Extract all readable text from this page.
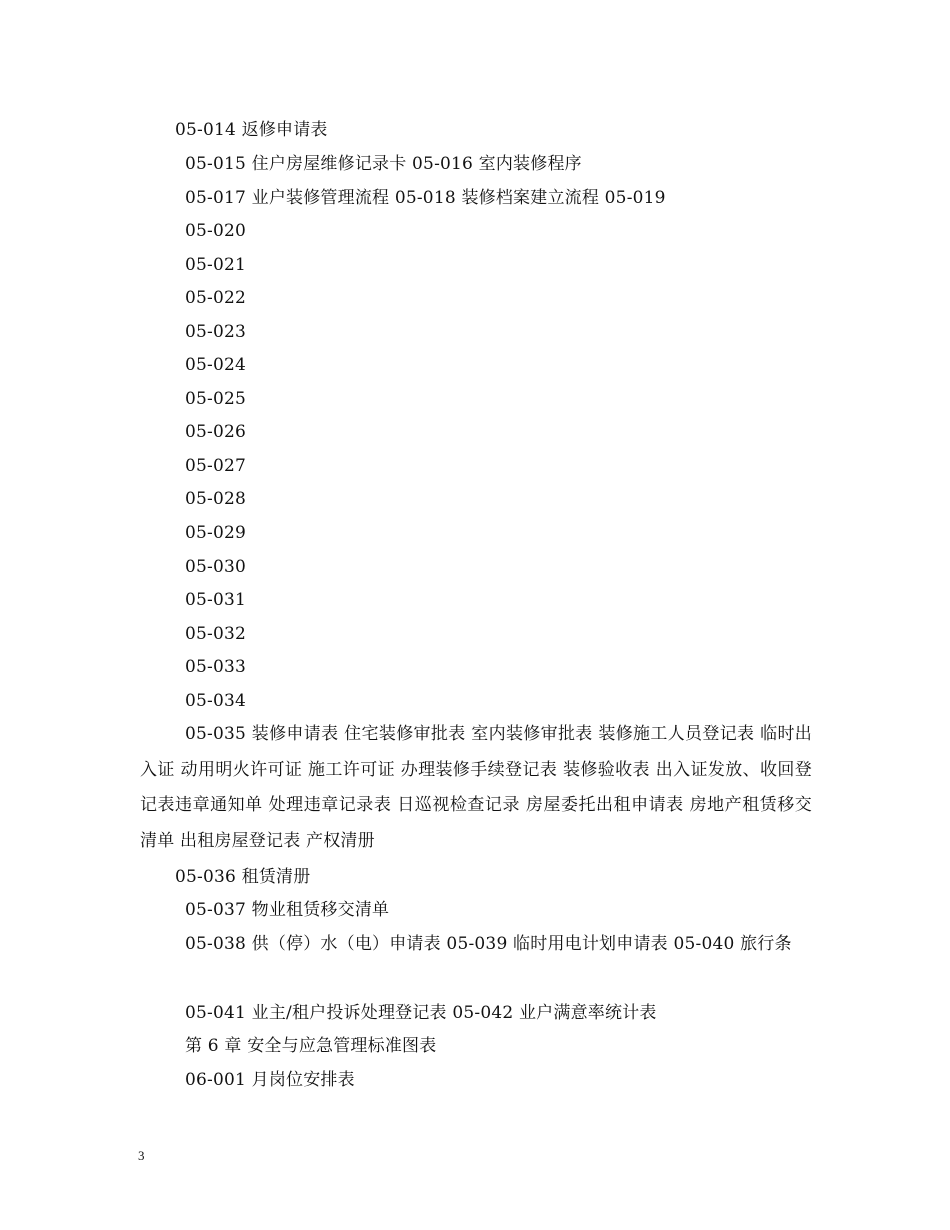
05-014 返修申请表
05-015 住户房屋维修记录卡 05-016 室内装修程序
05-017 业户装修管理流程 05-018 装修档案建立流程 05-019
05-020
05-021
05-022
05-023
05-024
05-025
05-026
05-027
05-028
05-029
05-030
05-031
05-032
05-033
05-034
05-035 装修申请表 住宅装修审批表 室内装修审批表 装修施工人员登记表 临时出入证 动用明火许可证 施工许可证 办理装修手续登记表 装修验收表 出入证发放、收回登记表违章通知单 处理违章记录表 日巡视检查记录 房屋委托出租申请表 房地产租赁移交清单 出租房屋登记表 产权清册
05-036 租赁清册
05-037 物业租赁移交清单
05-038 供（停）水（电）申请表 05-039 临时用电计划申请表 05-040 旅行条
05-041 业主/租户投诉处理登记表 05-042 业户满意率统计表
第 6 章 安全与应急管理标准图表
06-001 月岗位安排表
3
